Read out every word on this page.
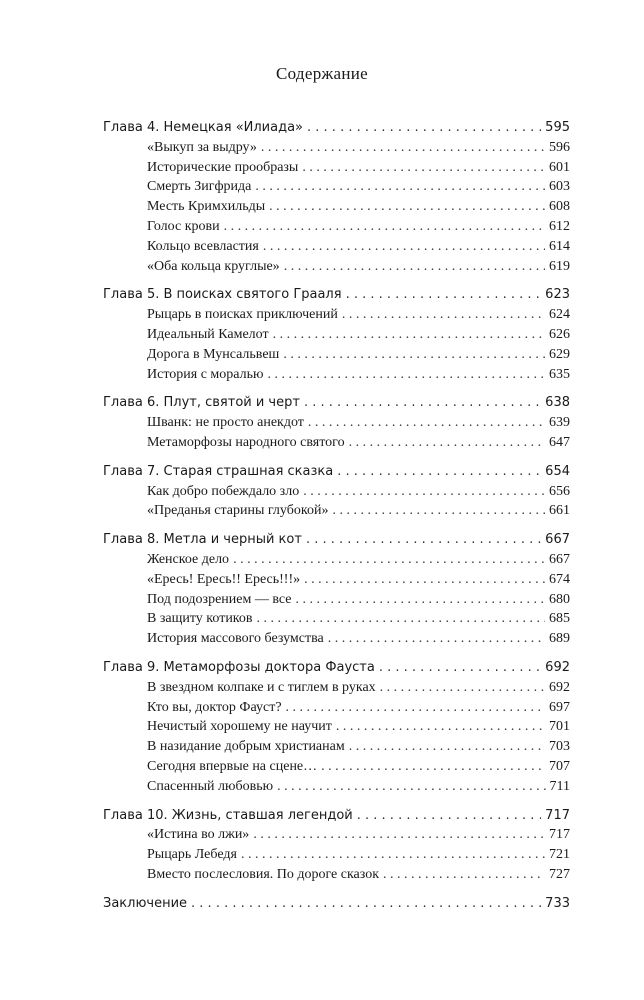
Содержание
Глава 4. Немецкая «Илиада» . . .	595
«Выкуп за выдру» . . .	596
Исторические прообразы . . .	601
Смерть Зигфрида . . .	603
Месть Кримхильды . . .	608
Голос крови . . .	612
Кольцо всевластия . . .	614
«Оба кольца круглые» . . .	619
Глава 5. В поисках святого Грааля . . .	623
Рыцарь в поисках приключений . . .	624
Идеальный Камелот . . .	626
Дорога в Мунсальвеш . . .	629
История с моралью . . .	635
Глава 6. Плут, святой и черт . . .	638
Шванк: не просто анекдот . . .	639
Метаморфозы народного святого . . .	647
Глава 7. Старая страшная сказка . . .	654
Как добро побеждало зло . . .	656
«Преданья старины глубокой» . . .	661
Глава 8. Метла и черный кот . . .	667
Женское дело . . .	667
«Ересь! Ересь!! Ересь!!!» . . .	674
Под подозрением — все . . .	680
В защиту котиков . . .	685
История массового безумства . . .	689
Глава 9. Метаморфозы доктора Фауста . . .	692
В звездном колпаке и с тиглем в руках . . .	692
Кто вы, доктор Фауст? . . .	697
Нечистый хорошему не научит . . .	701
В назидание добрым христианам . . .	703
Сегодня впервые на сцене… . . .	707
Спасенный любовью . . .	711
Глава 10. Жизнь, ставшая легендой . . .	717
«Истина во лжи» . . .	717
Рыцарь Лебедя . . .	721
Вместо послесловия. По дороге сказок . . .	727
Заключение . . .	733
